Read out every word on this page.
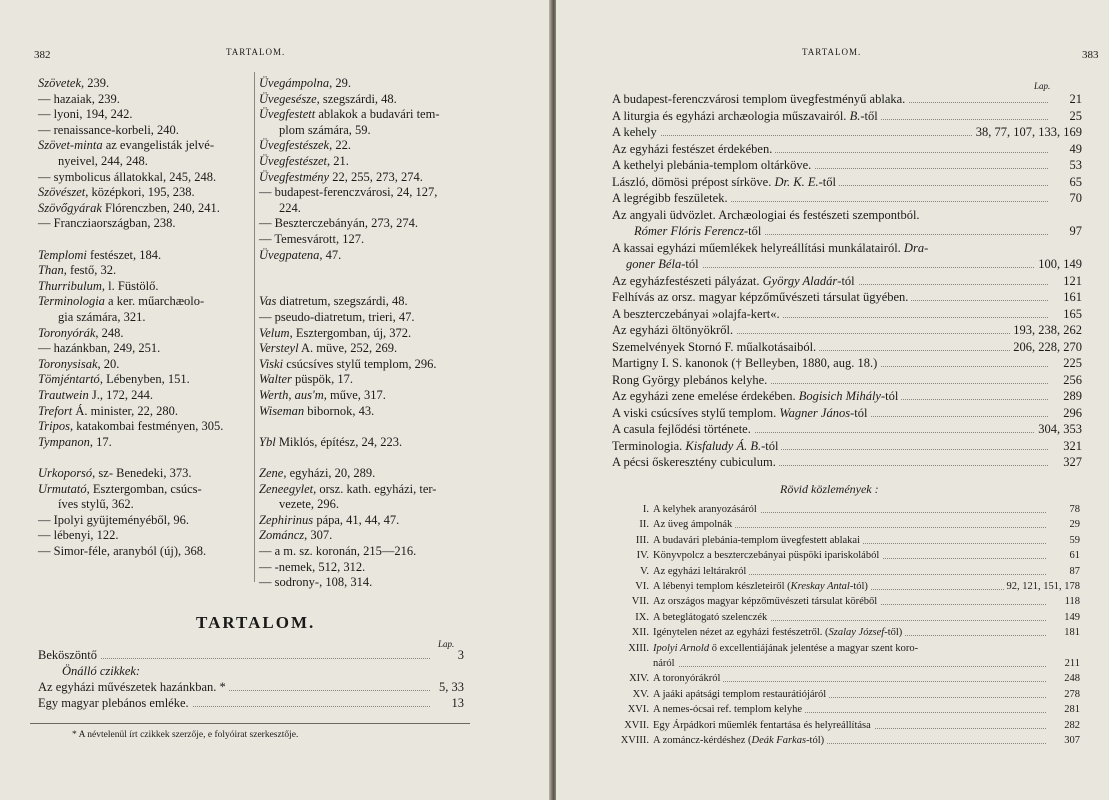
382	TARTALOM.
Szövetek, 239.
— hazaiak, 239.
— lyoni, 194, 242.
— renaissance-korbeli, 240.
Szövet-minta az evangelisták jelvé-
nyeivel, 244, 248.
— symbolicus állatokkal, 245, 248.
Szövészet, középkori, 195, 238.
Szövőgyárak Flórenczben, 240, 241.
— Francziaországban, 238.
Templomi festészet, 184.
Than, festő, 32.
Thurribulum, l. Füstölő.
Terminologia a ker. műarchæolo-
gia számára, 321.
Toronyórák, 248.
— hazánkban, 249, 251.
Toronysisak, 20.
Tömjéntartó, Lébenyben, 151.
Trautwein J., 172, 244.
Trefort Á. minister, 22, 280.
Tripos, katakombai festményen, 305.
Tympanon, 17.
Urkoporsó, sz- Benedeki, 373.
Urmutató, Esztergomban, csúcs-
íves stylű, 362.
— Ipolyi gyüjteményéből, 96.
— lébenyi, 122.
— Simor-féle, aranyból (új), 368.
Üvegámpolna, 29.
Üvegesésze, szegszárdi, 48.
Üvegfestett ablakok a budavári tem-
plom számára, 59.
Üvegfestészek, 22.
Üvegfestészet, 21.
Üvegfestmény 22, 255, 273, 274.
— budapest-ferenczvárosi, 24, 127,
224.
— Beszterczebányán, 273, 274.
— Temesvárott, 127.
Üvegpatena, 47.
Vas diatretum, szegszárdi, 48.
— pseudo-diatretum, trieri, 47.
Velum, Esztergomban, új, 372.
Versteyl A. müve, 252, 269.
Viski csúcsíves stylű templom, 296.
Walter püspök, 17.
Werth, aus'm, műve, 317.
Wiseman bibornok, 43.
Ybl Miklós, építész, 24, 223.
Zene, egyházi, 20, 289.
Zeneegylet, orsz. kath. egyházi, ter-
vezete, 296.
Zephirinus pápa, 41, 44, 47.
Zománcz, 307.
— a m. sz. koronán, 215—216.
— -nemek, 512, 312.
— sodrony-, 108, 314.
TARTALOM.
Lap.
Beköszöntő	3
Önálló czikkek:
Az egyházi művészetek hazánkban. *	5, 33
Egy magyar plebános emléke.	13
* A névtelenül írt czikkek szerzője, e folyóirat szerkesztője.
TARTALOM.	383
Lap.
A budapest-ferenczvárosi templom üvegfestményű ablaka.	21
A liturgia és egyházi archæologia műszavairól. B.-től	25
A kehely	38, 77, 107, 133, 169
Az egyházi festészet érdekében.	49
A kethelyi plebánia-templom oltárköve.	53
László, dömösi prépost sírköve. Dr. K. E.-től	65
A legrégibb feszületek.	70
Az angyali üdvözlet. Archæologiai és festészeti szempontból.
Rómer Flóris Ferencz-től	97
A kassai egyházi műemlékek helyreállítási munkálatairól. Dra-
goner Béla-tól	100, 149
Az egyházfestészeti pályázat. György Aladár-tól	121
Felhívás az orsz. magyar képzőművészeti társulat ügyében.	161
A beszterczebányai »olajfa-kert«.	165
Az egyházi öltönyökről.	193, 238, 262
Szemelvények Stornó F. műalkotásaiból.	206, 228, 270
Martigny I. S. kanonok († Belleyben, 1880, aug. 18.)	225
Rong György plebános kelyhe.	256
Az egyházi zene emelése érdekében. Bogisich Mihály-tól	289
A viski csúcsíves stylű templom. Wagner János-tól	296
A casula fejlődési története.	304, 353
Terminologia. Kisfaludy Á. B.-tól	321
A pécsi őskeresztény cubiculum.	327
Rövid közlemények :
I. A kelyhek aranyozásáról	78
II. Az üveg ámpolnák	29
III. A budavári plebánia-templom üvegfestett ablakai	59
IV. Könyvpolcz a beszterczebányai püspöki ipariskolából	61
V. Az egyházi leltárakról	87
VI. A lébenyi templom készleteiről (Kreskay Antal-tól)	92, 121, 151, 178
VII. Az országos magyar képzőművészeti társulat köréből	118
IX. A beteglátogató szelenczék	149
XII. Igénytelen nézet az egyházi festészetről. (Szalay József-től)	181
XIII. Ipolyi Arnold ő excellentiájának jelentése a magyar szent koro-
náról	211
XIV. A toronyórákról	248
XV. A jaáki apátsági templom restaurátiójáról	278
XVI. A nemes-ócsai ref. templom kelyhe	281
XVII. Egy Árpádkori műemlék fentartása és helyreállítása	282
XVIII. A zománcz-kérdéshez (Deák Farkas-tól)	307
